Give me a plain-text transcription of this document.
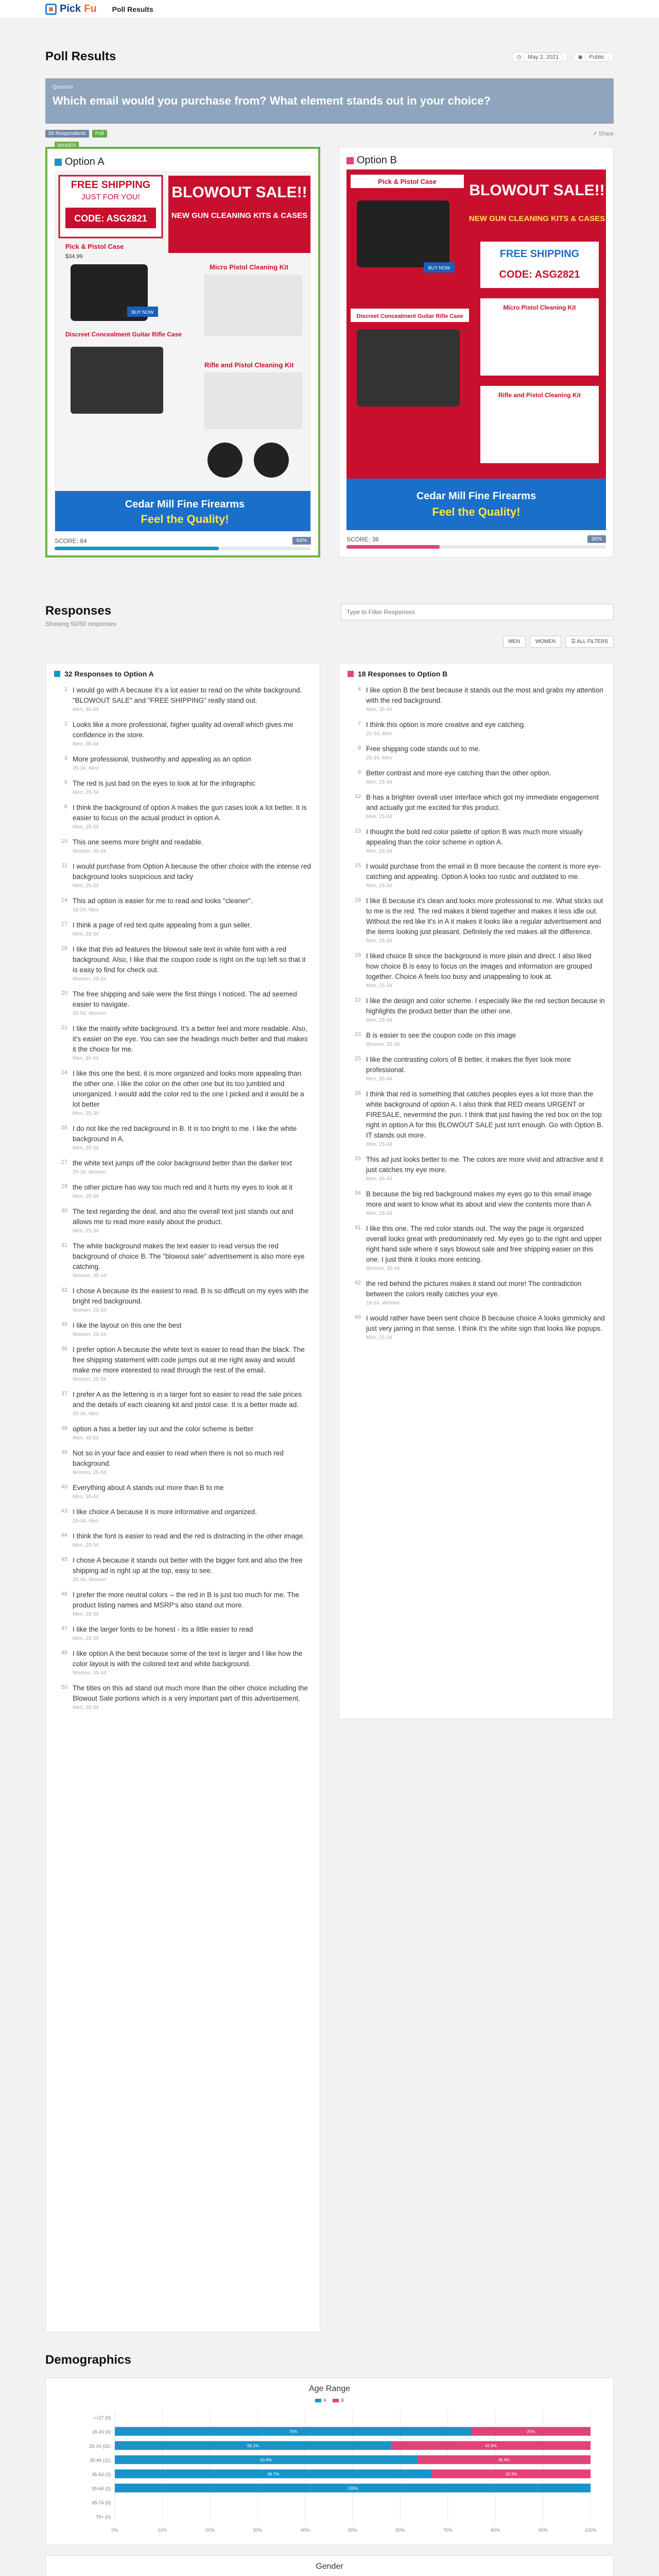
Pick Fu Poll Results
Poll Results	◷ May 2, 2021	◉ Public
Question
Which email would you purchase from? What element stands out in your choice?
50 Respondents	Poll	↗ Share
WINNER
Option A
FREE SHIPPING
JUST FOR YOU!
CODE: ASG2821
BLOWOUT SALE!!
NEW GUN CLEANING KITS & CASES
Pick & Pistol Case
$34.99
BUY NOW
Micro Pistol Cleaning Kit
Discreet Concealment Guitar Rifle Case
Rifle and Pistol Cleaning Kit
Cedar Mill Fine Firearms
Feel the Quality!
SCORE: 84	64%
Option B
Pick & Pistol Case
BLOWOUT SALE!!
NEW GUN CLEANING KITS & CASES
BUY NOW
FREE SHIPPING
CODE: ASG2821
Discreet Concealment Guitar Rifle Case
Micro Pistol Cleaning Kit
Rifle and Pistol Cleaning Kit
Cedar Mill Fine Firearms
Feel the Quality!
SCORE: 36	36%
Responses
Showing 50/50 responses
Type to Filter Responses
MEN	WOMEN	☰ ALL FILTERS
32 Responses to Option A
1 I would go with A because it's a lot easier to read on the white background. "BLOWOUT SALE" and "FREE SHIPPING" really stand out.
Men, 35-44
2 Looks like a more professional, higher quality ad overall which gives me confidence in the store.
Men, 35-44
3 More professional, trustworthy and appealing as an option
25-34, Men
5 The red is just bad on the eyes to look at for the infographic
Men, 25-34
6 I think the background of option A makes the gun cases look a lot better. It is easier to focus on the actual product in option A.
Men, 25-34
10 This one seems more bright and readable.
Women, 35-44
11 I would purchase from Option A because the other choice with the intense red background looks suspicious and tacky
Men, 25-34
14 This ad option is easier for me to read and looks "cleaner".
18-24, Men
17 I think a page of red text quite appealing from a gun seller.
Men, 25-34
18 I like that this ad features the blowout sale text in white font with a red background. Also, I like that the coupon code is right on the top left so that it is easy to find for check out.
Women, 25-34
20 The free shipping and sale were the first things I noticed. The ad seemed easier to navigate.
45-54, Women
21 I like the mainly white background. It's a better feel and more readable. Also, it's easier on the eye. You can see the headings much better and that makes it the choice for me.
Men, 35-44
24 I like this one the best. it is more organized and looks more appealing than the other one. i like the color on the other one but its too jumbled and unorganized. I would add the color red to the one I picked and it would be a lot better
Men, 25-34
26 I do not like the red background in B. It is too bright to me. I like the white background in A.
Men, 25-34
27 the white text jumps off the color background better than the darker text
25-34, Women
29 the other picture has way too much red and it hurts my eyes to look at it
Men, 25-34
30 The text regarding the deal, and also the overall text just stands out and allows me to read more easily about the product.
Men, 25-34
31 The white background makes the text easier to read versus the red background of choice B. The "blowout sale" advertisement is also more eye catching.
Women, 35-44
32 I chose A because its the easiest to read. B is so difficult on my eyes with the bright red background.
Women, 25-34
35 I like the layout on this one the best
Women, 25-34
36 I prefer option A because the white text is easier to read than the black. The free shipping statement with code jumps out at me right away and would make me more interested to read through the rest of the email.
Women, 25-34
37 I prefer A as the lettering is in a larger font so easier to read the sale prices and the details of each cleaning kit and pistol case. It is a better made ad.
35-44, Men
38 option a has a better lay out and the color scheme is better
Men, 45-54
39 Not so in your face and easier to read when there is not so much red background.
Women, 25-34
40 Everything about A stands out more than B to me
Men, 35-44
43 I like choice A because it is more informative and organized.
25-34, Men
44 I think the font is easier to read and the red is distracting in the other image.
Men, 25-34
45 I chose A because it stands out better with the bigger font and also the free shipping ad is right up at the top, easy to see.
35-44, Women
46 I prefer the more neutral colors -- the red in B is just too much for me. The product listing names and MSRP's also stand out more.
Men, 25-34
47 I like the larger fonts to be honest - its a little easier to read
Men, 25-34
48 I like option A the best because some of the text is larger and I like how the color layout is with the colored text and white background.
Women, 35-44
50 The titles on this ad stand out much more than the other choice including the Blowout Sale portions which is a very important part of this advertisement.
Men, 25-34
18 Responses to Option B
4 I like option B the best because it stands out the most and grabs my attention with the red background.
Men, 35-44
7 I think this option is more creative and eye catching.
25-34, Men
8 Free shipping code stands out to me.
25-34, Men
9 Better contrast and more eye catching than the other option.
Men, 25-34
12 B has a brighter overall user interface which got my immediate engagement and actually got me excited for this product.
Men, 25-34
13 I thought the bold red color palette of option B was much more visually appealing than the color scheme in option A.
Men, 25-34
15 I would purchase from the email in B more because the content is more eye-catching and appealing. Option A looks too rustic and outdated to me.
Men, 25-34
16 I like B because it's clean and looks more professional to me. What sticks out to me is the red. The red makes it blend together and makes it less idle out. Without the red like it's in A it makes it looks like a regular advertisement and the items looking just pleasant. Definitely the red makes all the difference.
Men, 25-34
19 I liked choice B since the background is more plain and direct. I also liked how choice B is easy to focus on the images and information are grouped together. Choice A feels too busy and unappealing to look at.
Men, 25-34
22 I like the design and color scheme. I especially like the red section because in highlights the product better than the other one.
Men, 25-34
23 B is easier to see the coupon code on this image
Women, 25-34
25 I like the contrasting colors of B better, it makes the flyer look more professional.
Men, 35-44
28 I think that red is something that catches peoples eyes a lot more than the white background of option A. I also think that RED means URGENT or FIRESALE, nevermind the pun. I think that just having the red box on the top right in option A for this BLOWOUT SALE just isn't enough. Go with Option B. IT stands out more.
Men, 25-34
33 This ad just looks better to me. The colors are more vivid and attractive and it just catches my eye more.
Men, 35-44
34 B because the big red background makes my eyes go to this email image more and want to know what its about and view the contents more than A
Men, 25-34
41 I like this one. The red color stands out. The way the page is organized overall looks great with predominately red. My eyes go to the right and upper right hand side where it says blowout sale and free shipping easier on this one. I just think it looks more enticing.
Women, 35-44
42 the red behind the pictures makes it stand out more! The contradiction between the colors really catches your eye.
18-24, Women
49 I would rather have been sent choice B because choice A looks gimmicky and just very jarring in that sense. I think it's the white sign that looks like popups.
Men, 25-34
Demographics
Age Range
A	B
<=17 (0)
18-24 (4)	75%	25%
25-34 (31)	58.1%	41.9%
35-44 (11)	63.6%	36.4%
45-54 (3)	66.7%	33.3%
55-64 (1)	100%
65-74 (0)
75+ (0)
0%	10%	20%	30%	40%	50%	60%	70%	80%	90%	100%
Gender
